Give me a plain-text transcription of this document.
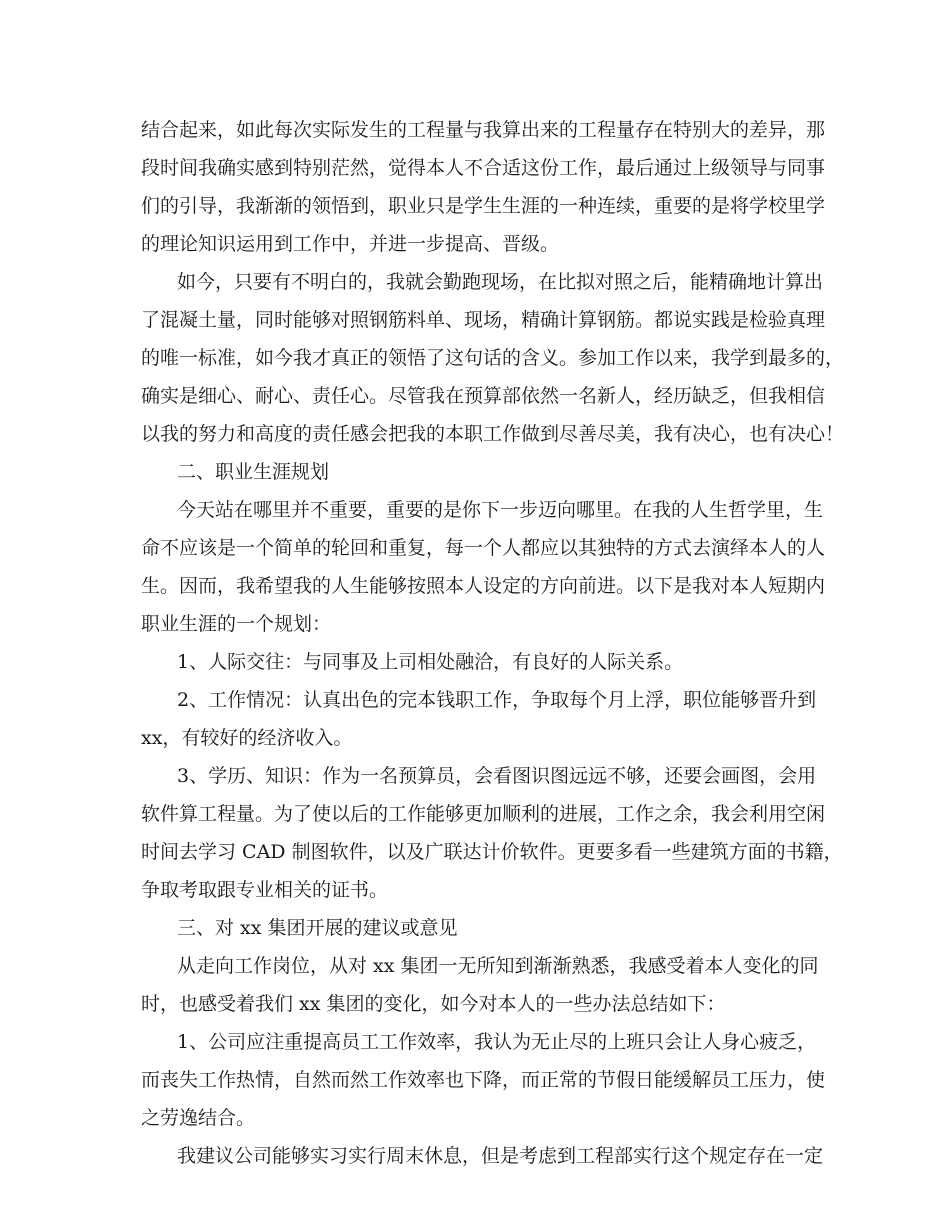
结合起来，如此每次实际发生的工程量与我算出来的工程量存在特别大的差异，那
段时间我确实感到特别茫然，觉得本人不合适这份工作，最后通过上级领导与同事
们的引导，我渐渐的领悟到，职业只是学生生涯的一种连续，重要的是将学校里学
的理论知识运用到工作中，并进一步提高、晋级。
如今，只要有不明白的，我就会勤跑现场，在比拟对照之后，能精确地计算出
了混凝土量，同时能够对照钢筋料单、现场，精确计算钢筋。都说实践是检验真理
的唯一标准，如今我才真正的领悟了这句话的含义。参加工作以来，我学到最多的，
确实是细心、耐心、责任心。尽管我在预算部依然一名新人，经历缺乏，但我相信
以我的努力和高度的责任感会把我的本职工作做到尽善尽美，我有决心，也有决心！
二、职业生涯规划
今天站在哪里并不重要，重要的是你下一步迈向哪里。在我的人生哲学里，生
命不应该是一个简单的轮回和重复，每一个人都应以其独特的方式去演绎本人的人
生。因而，我希望我的人生能够按照本人设定的方向前进。以下是我对本人短期内
职业生涯的一个规划：
1、人际交往：与同事及上司相处融洽，有良好的人际关系。
2、工作情况：认真出色的完本钱职工作，争取每个月上浮，职位能够晋升到
xx，有较好的经济收入。
3、学历、知识：作为一名预算员，会看图识图远远不够，还要会画图，会用
软件算工程量。为了使以后的工作能够更加顺利的进展，工作之余，我会利用空闲
时间去学习 CAD 制图软件，以及广联达计价软件。更要多看一些建筑方面的书籍，
争取考取跟专业相关的证书。
三、对 xx 集团开展的建议或意见
从走向工作岗位，从对 xx 集团一无所知到渐渐熟悉，我感受着本人变化的同
时，也感受着我们 xx 集团的变化，如今对本人的一些办法总结如下：
1、公司应注重提高员工工作效率，我认为无止尽的上班只会让人身心疲乏，
而丧失工作热情，自然而然工作效率也下降，而正常的节假日能缓解员工压力，使
之劳逸结合。
我建议公司能够实习实行周末休息，但是考虑到工程部实行这个规定存在一定
